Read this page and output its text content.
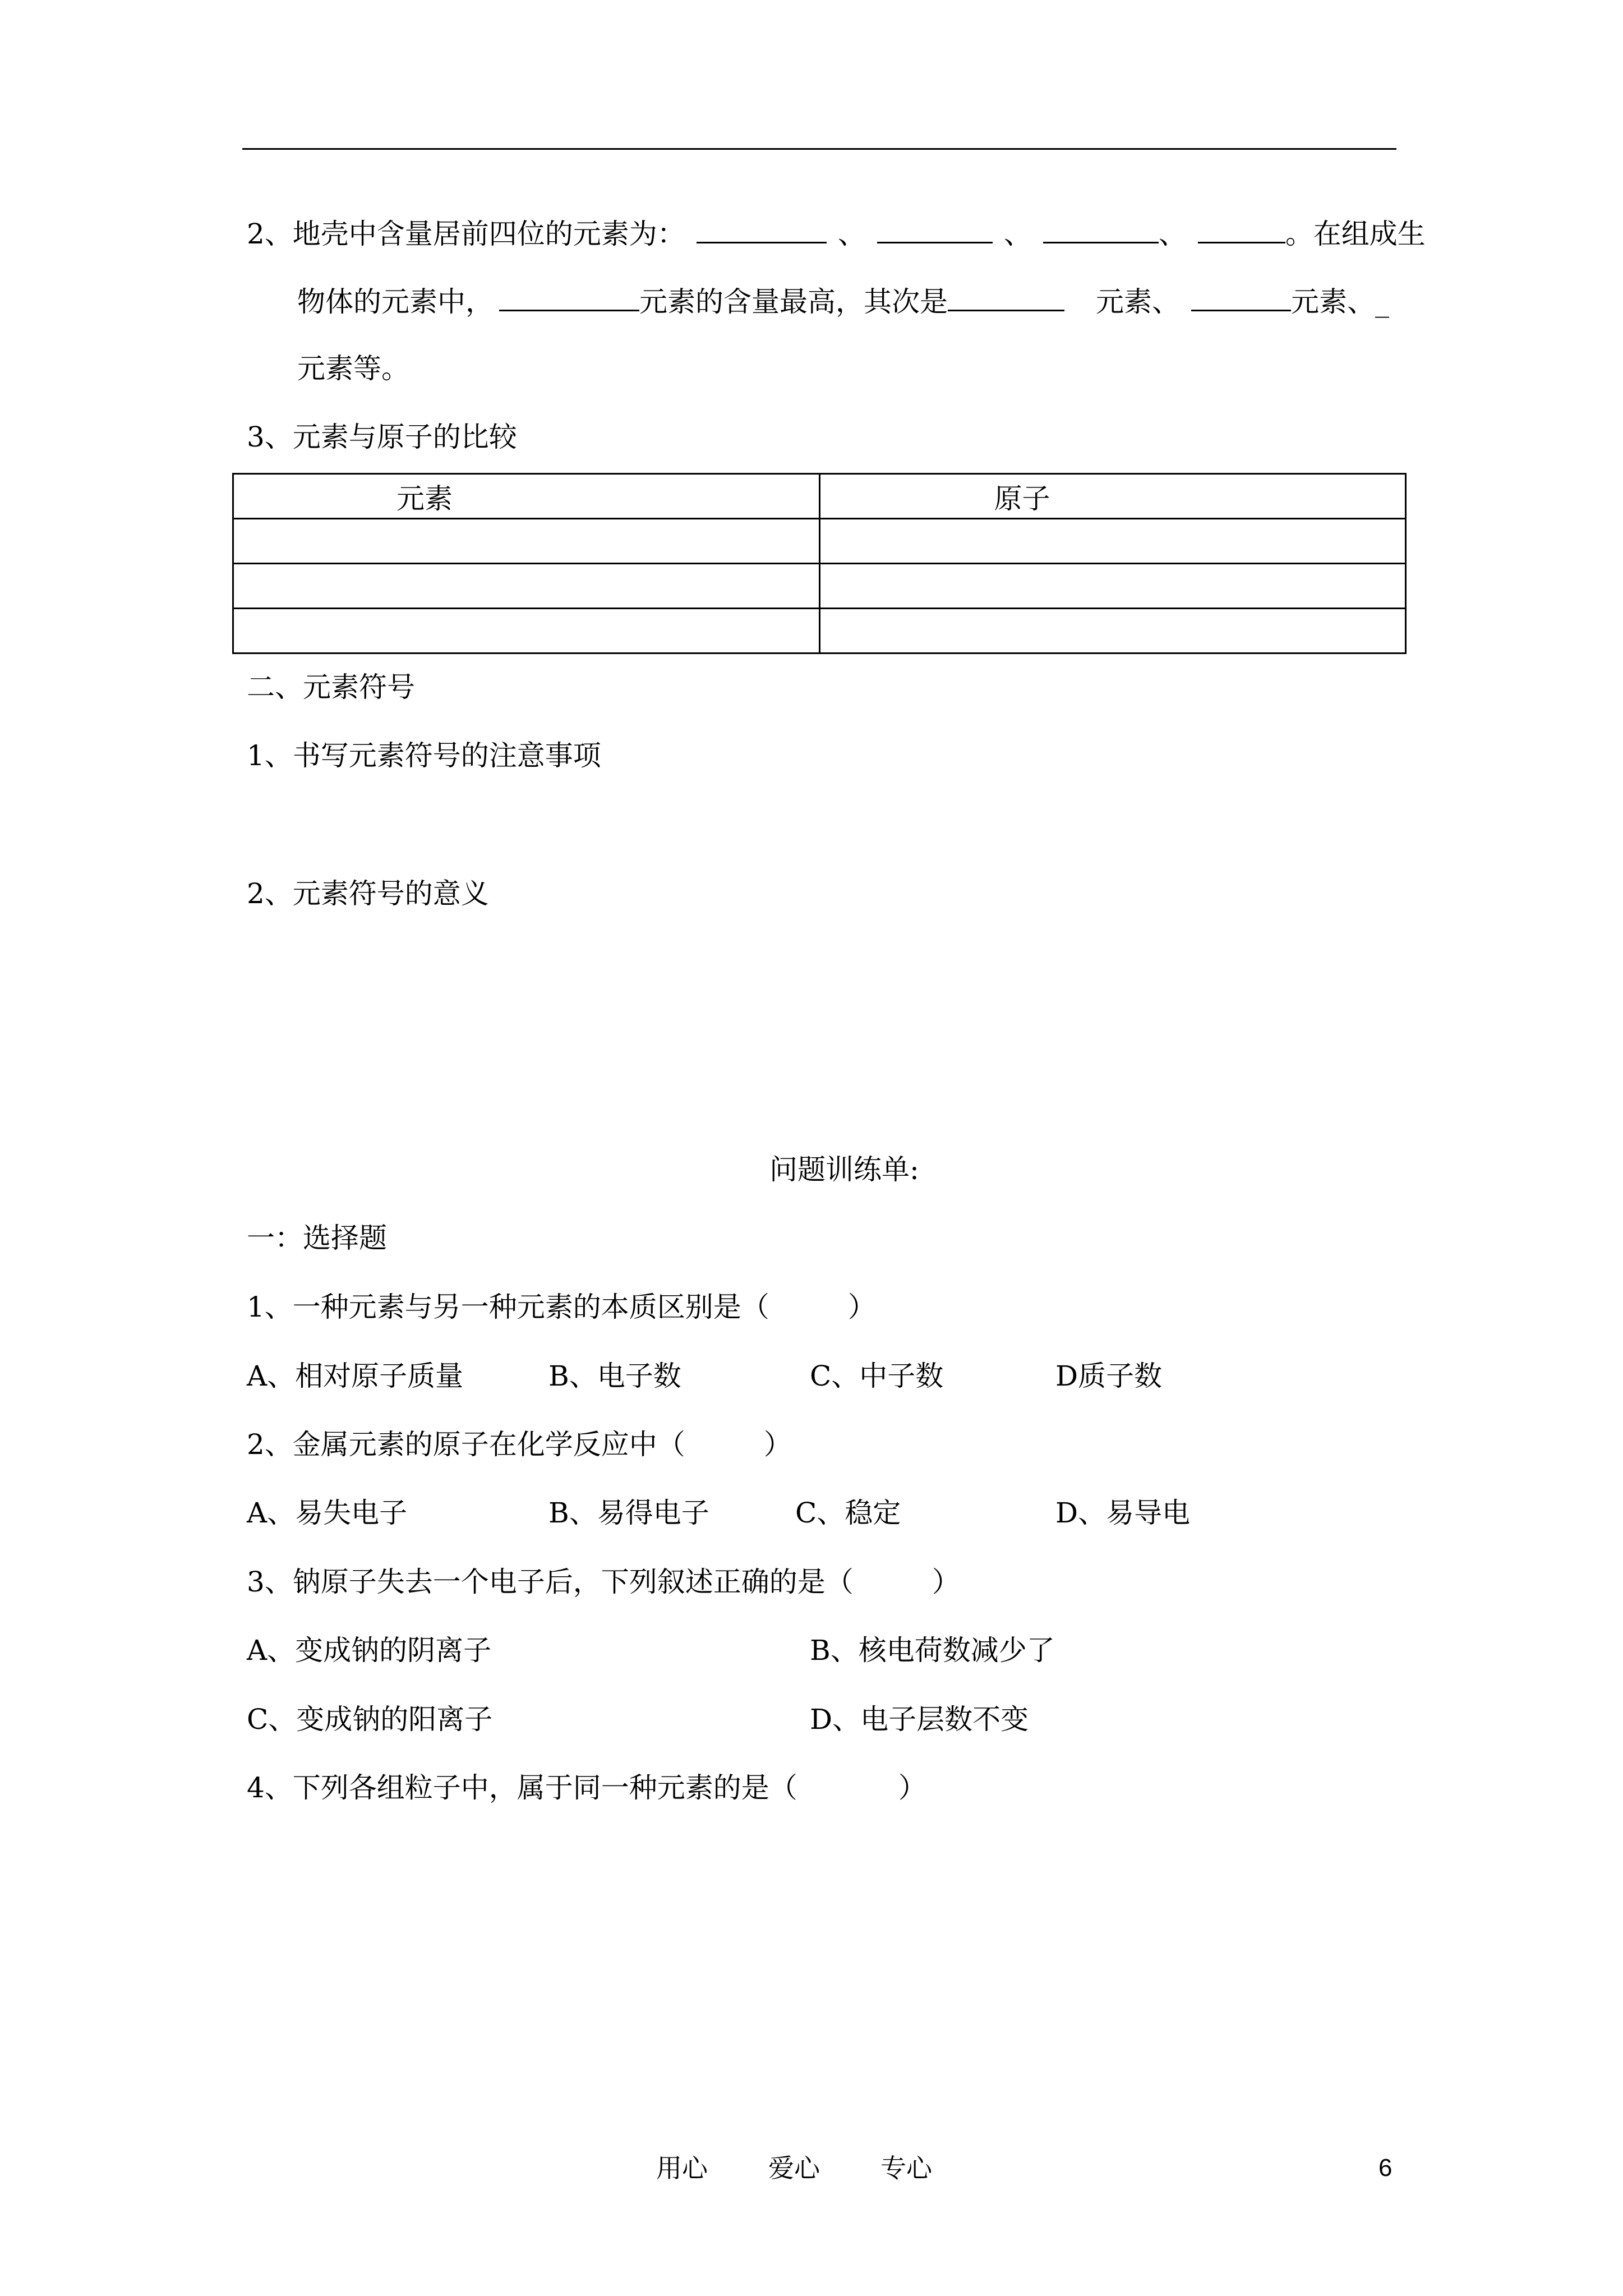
2、地壳中含量居前四位的元素为：	、	、	、	。在组成生
物体的元素中，	元素的含量最高，其次是	元素、	元素、_
元素等。
3、元素与原子的比较
元素	原子

二、元素符号
1、书写元素符号的注意事项
2、元素符号的意义
问题训练单:
一：选择题
1、一种元素与另一种元素的本质区别是（	）
A、相对原子质量	B、电子数	C、中子数	D质子数
2、金属元素的原子在化学反应中（	）
A、易失电子	B、易得电子	C、稳定	D、易导电
3、钠原子失去一个电子后，下列叙述正确的是（	）
A、变成钠的阴离子	B、核电荷数减少了
C、变成钠的阳离子	D、电子层数不变
4、下列各组粒子中，属于同一种元素的是（	）
用心 爱心 专心	6
